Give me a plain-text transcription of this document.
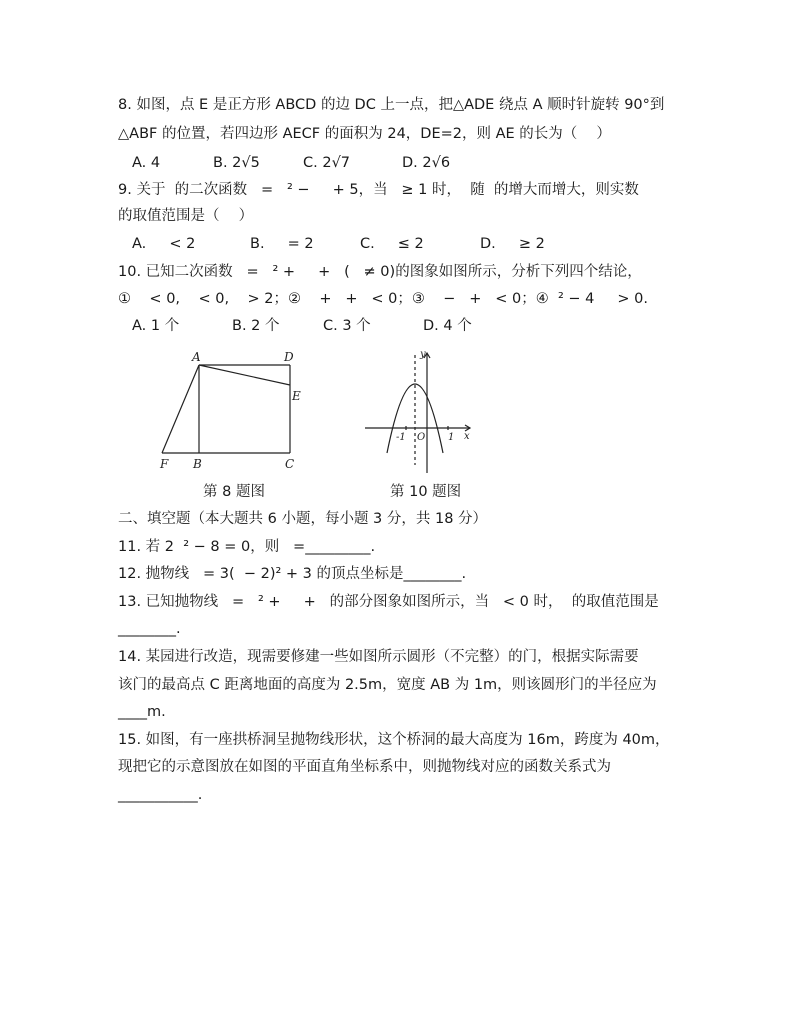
8. 如图，点 E 是正方形 ABCD 的边 DC 上一点，把△ADE 绕点 A 顺时针旋转 90°到
△ABF 的位置，若四边形 AECF 的面积为 24，DE=2，则 AE 的长为（　 ）
A. 4	B. 2√5	C. 2√7	D. 2√6
9. 关于  的二次函数   =   ² −     + 5，当   ≥ 1 时，  随  的增大而增大，则实数
的取值范围是（　 ）
A.     < 2	B.     = 2	C.     ≤ 2	D.     ≥ 2
10. 已知二次函数   =   ² +     +   (   ≠ 0)的图象如图所示，分析下列四个结论，
①    < 0,    < 0,    > 2；②    +   +   < 0；③    −   +   < 0；④  ² − 4     > 0.
A. 1 个	B. 2 个	C. 3 个	D. 4 个
A	D
E
F B	C
y
x
-1 O 1
第 8 题图	第 10 题图
二、填空题（本大题共 6 小题，每小题 3 分，共 18 分）
11. 若 2  ² − 8 = 0，则   =_________.
12. 抛物线   = 3(  − 2)² + 3 的顶点坐标是________.
13. 已知抛物线   =   ² +     +   的部分图象如图所示，当   < 0 时，  的取值范围是
________.
14. 某园进行改造，现需要修建一些如图所示圆形（不完整）的门，根据实际需要
该门的最高点 C 距离地面的高度为 2.5m，宽度 AB 为 1m，则该圆形门的半径应为
____m.
15. 如图，有一座拱桥洞呈抛物线形状，这个桥洞的最大高度为 16m，跨度为 40m，
现把它的示意图放在如图的平面直角坐标系中，则抛物线对应的函数关系式为
___________.
